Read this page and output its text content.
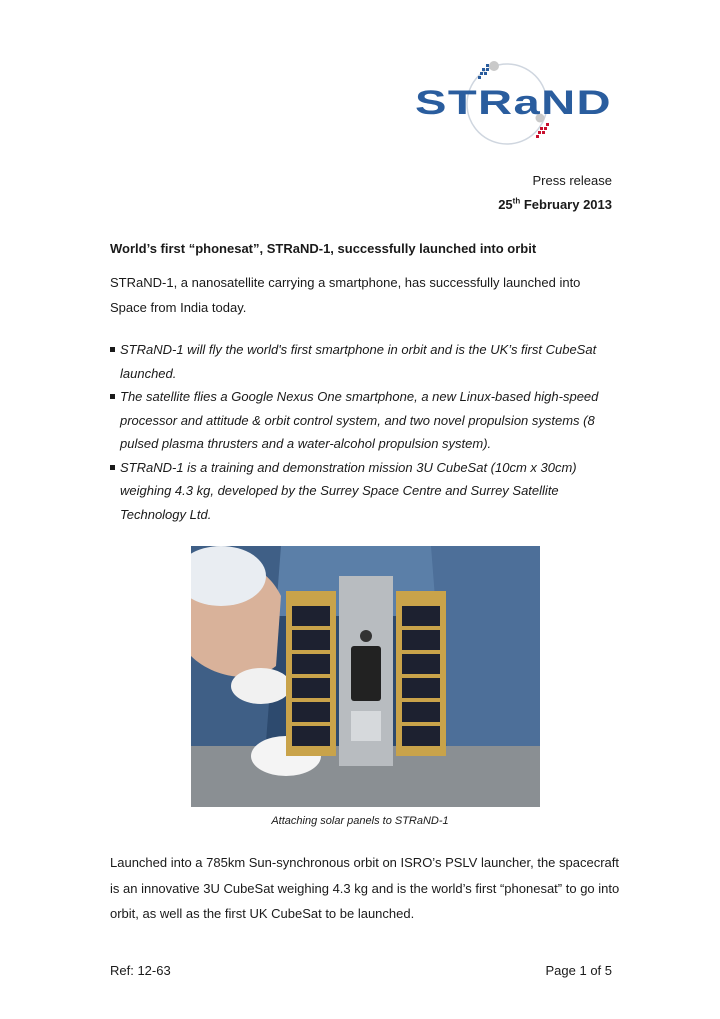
STRaND
Press release
25th February 2013
World’s first “phonesat”, STRaND-1, successfully launched into orbit
STRaND-1, a nanosatellite carrying a smartphone, has successfully launched into Space from India today.
STRaND-1 will fly the world's first smartphone in orbit and is the UK’s first CubeSat launched.
The satellite flies a Google Nexus One smartphone, a new Linux-based high-speed processor and attitude & orbit control system, and two novel propulsion systems (8 pulsed plasma thrusters and a water-alcohol propulsion system).
STRaND-1 is a training and demonstration mission 3U CubeSat (10cm x 30cm) weighing 4.3 kg, developed by the Surrey Space Centre and Surrey Satellite Technology Ltd.
Attaching solar panels to STRaND-1
Launched into a 785km Sun-synchronous orbit on ISRO’s PSLV launcher, the spacecraft is an innovative 3U CubeSat weighing 4.3 kg and is the world’s first “phonesat” to go into orbit, as well as the first UK CubeSat to be launched.
Ref: 12-63	Page 1 of 5
